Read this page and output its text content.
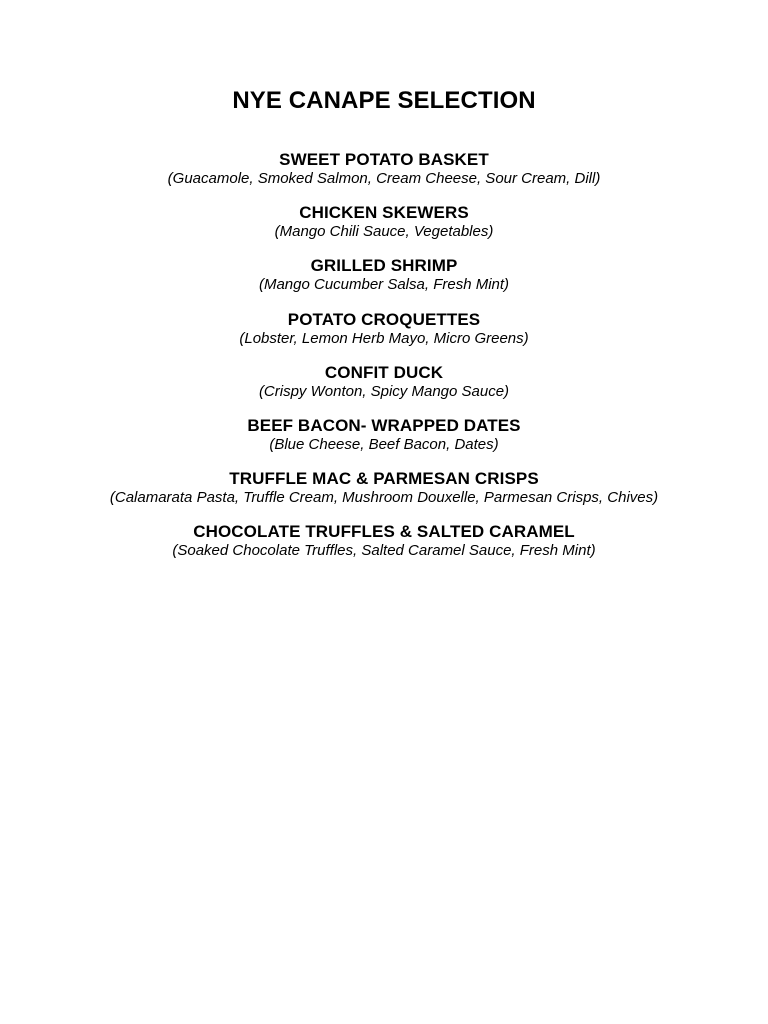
NYE CANAPE SELECTION
SWEET POTATO BASKET
(Guacamole, Smoked Salmon, Cream Cheese, Sour Cream, Dill)
CHICKEN SKEWERS
(Mango Chili Sauce, Vegetables)
GRILLED SHRIMP
(Mango Cucumber Salsa, Fresh Mint)
POTATO CROQUETTES
(Lobster, Lemon Herb Mayo, Micro Greens)
CONFIT DUCK
(Crispy Wonton, Spicy Mango Sauce)
BEEF BACON- WRAPPED DATES
(Blue Cheese, Beef Bacon, Dates)
TRUFFLE MAC & PARMESAN CRISPS
(Calamarata Pasta, Truffle Cream, Mushroom Douxelle, Parmesan Crisps, Chives)
CHOCOLATE TRUFFLES & SALTED CARAMEL
(Soaked Chocolate Truffles, Salted Caramel Sauce, Fresh Mint)
